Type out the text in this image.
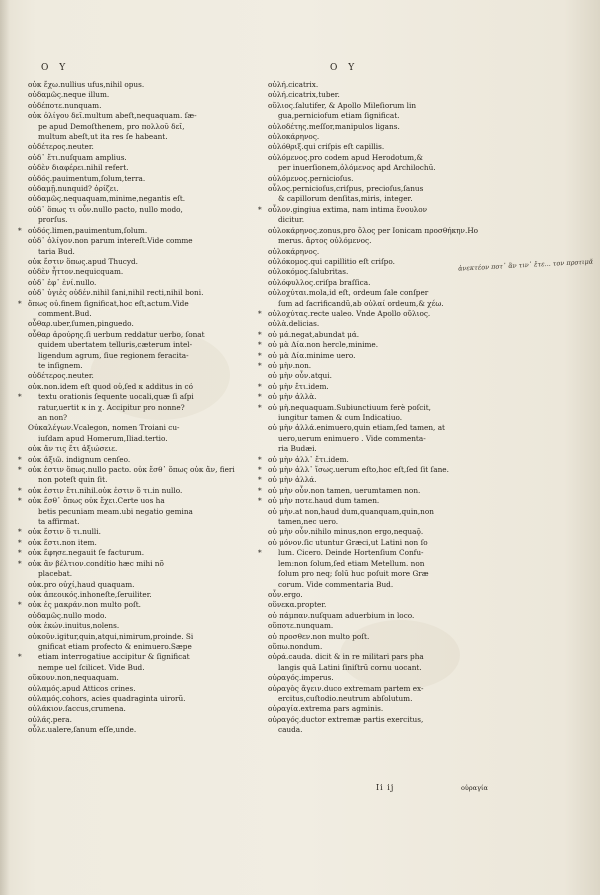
O Y	O Y
οὐκ ἔχω.nullius ufus,nihil opus.
οὐδαμῶς.neque illum.
οὐδέποτε.nunquam.
οὐκ ὀλίγου δεῖ.multum abeſt,nequaquam. ſæ-
pe apud Demoſthenem, pro πολλοῦ δεῖ,
multum abeſt,ut ita res ſe habeant.
οὐδέτερος.neuter.
οὐδ᾽ ἔτι.nuſquam amplius.
οὐδὲν διαφέρει.nihil refert.
οὐδός.pauimentum,ſolum,terra.
οὐδαμῇ.nunquid? ὁρίζει.
οὐδαμῶς.nequaquam,minime,negantis eſt.
οὐδ᾽ ὅπως τι οὖν.nullo pacto, nullo modo,
prorſus.
* οὐδός.limen,pauimentum,ſolum.
οὐδ᾽ ὀλίγον.non parum intereſt.Vide comme
taria Bud.
οὐκ ἔστιν ὅπως.apud Thucyd.
οὐδὲν ἧττον.nequicquam.
οὐδ᾽ ἐφ᾽ ἑνί.nullo.
οὐδ᾽ ὑγιὲς οὐδέν.nihil ſani,nihil recti,nihil boni.
* ὅπως οὐ.finem ſignificat,hoc eſt,actum.Vide
comment.Bud.
οὖθαρ.uber,ſumen,pinguedo.
οὖθαρ ἀρούρης.ſi uerbum reddatur uerbo, ſonat
quidem ubertatem telluris,cæterum intel-
ligendum agrum, ſiue regionem feracita-
te inſignem.
οὐδέτερος.neuter.
οὐκ.non.idem eſt quod οὐ,ſed κ additus in có
* textu orationis ſequente uocali,quæ ſi aſpi
ratur,uertit κ in χ. Accipitur pro nonne?
an non?
Οὐκαλέγων.Vcalegon, nomen Troiani cu-
iuſdam apud Homerum,Iliad.tertio.
οὐκ ἄν τις ἔτι ἀξιώσειε.
* οὐκ ἀξιῶ. indignum cenſeo.
* οὐκ ἐστιν ὅπως.nullo pacto. οὐκ ἔσθ᾽ ὅπως οὐκ ἄν, fieri
non poteſt quin ſit.
* οὐκ ἐστιν ἔτι.nihil.οὐκ ἐστιν ὅ τι.in nullo.
* οὐκ ἔσθ᾽ ὅπως οὐκ ἔχει.Certe uos ha
betis pecuniam meam.ubi negatio gemina
ta affirmat.
* οὐκ ἔστιν ὅ τι.nulli.
* οὐκ ἔστι.non item.
* οὐκ ἔφησε.negauit ſe facturum.
* οὐκ ἂν βέλτιον.condítio hæc mihi nõ
placebat.
οὐκ.pro οὐχί,haud quaquam.
οὐκ ἀπεοικός.inhoneſte,ſeruiliter.
* οὐκ ἐς μακράν.non multo poſt.
οὐδαμῶς.nullo modo.
οὐκ ἑκών.inuitus,nolens.
οὐκοῦν.igitur,quin,atqui,nimirum,proinde. Si
gnificat etiam profecto & enimuero.Sæpe
* etiam interrogatiue accipitur & ſignificat
nempe uel ſcilicet. Vide Bud.
οὔκουν.non,nequaquam.
οὐλαμός.apud Atticos crines.
οὐλαμός.cohors, acies quadraginta uirorũ.
οὐλάκιον.ſaccus,crumena.
οὐλάς.pera.
οὖλε.ualere,ſanum eſſe,unde.
οὐλή.cicatrix.
οὐλή.cicatrix,tuber.
οὔλιος.ſalutifer, & Apollo Mileſiorum lin
gua,perniciofum etiam ſignificat.
οὐλοδέτης.meſſor,manipulos ligans.
οὐλοκάρηνος.
οὐλόθριξ.qui criſpis eſt capillis.
οὐλόμενος.pro codem apud Herodotum,&
per inuerſionem,ὀλόμενος apd Archilochū.
οὐλόμενος.pernicioſus.
οὖλος.pernicioſus,criſpus, precioſus,ſanus
& capillorum denſitas,miris, integer.
* οὖλον.gingiua extima, nam intima ἔνουλον
dicitur.
οὐλοκάρηνος.zonus,pro ὅλος per Ionicam προσθήκην.Ho
merus. ἄρτος οὐλόμενος.
οὐλοκάρηνος.
οὐλόκομος.qui capillitio eſt criſpo.
οὐλοκόμος.ſalubritas.
οὐλόφυλλος.criſpa braſſica.
οὐλοχύται.mola,id eſt, ordeum ſale conſper
ſum ad ſacrificandũ,ab οὐλαί ordeum,& χέω.
* οὐλοχύτας.recte ualeo. Vnde Apollo οὔλιος.
οὐλὰ.delicias.
* οὐ μά.negat,abundat μά.
* οὐ μὰ Δία.non hercle,minime.
* οὐ μὰ Δία.minime uero.
* οὐ μὴν.non.
οὐ μὴν οὖν.atqui.
* οὐ μὴν ἔτι.idem.
* οὐ μὴν ἀλλὰ.
* οὐ μὴ.nequaquam.Subiunctiuum ferè poſcit,
iungitur tamen & cum Indicatiuo.
οὐ μὴν ἀλλά.enimuero,quin etiam,ſed tamen, at
uero,uerum enimuero . Vide commenta-
ria Budæi.
* οὐ μὴν ἀλλ᾽ ἔτι.idem.
* οὐ μὴν ἀλλ᾽ ἴσως.uerum eſto,hoc eſt,ſed ſit ſane.
* οὐ μὴν ἀλλά.
* οὐ μὴν οὖν.non tamen, uerumtamen non.
* οὐ μὴν ποτε.haud dum tamen.
οὐ μὴν.at non,haud dum,quanquam,quin,non
tamen,nec uero.
οὐ μὴν οὖν.nihilo minus,non ergo,nequaǭ.
οὐ μόνον.ſic utuntur Græci,ut Latini non ſo
* lum. Cicero. Deinde Hortenſium Confu-
lem:non ſolum,ſed etiam Metellum. non
ſolum pro neq; ſolū huc poſuit more Græ
corum. Vide commentaria Bud.
οὖν.ergo.
οὕνεκα.propter.
οὐ πάμπαν.nuſquam aduerbium in loco.
οὔποτε.nunquam.
οὐ προσθεν.non multo poſt.
οὔπω.nondum.
οὐρά.cauda. dicit & in re militari pars pha
langis quā Latini ſiniſtrū cornu uocant.
οὐραγός.imperus.
οὐραγὸς ἄγειν.duco extremam partem ex-
ercitus,cuſtodio.neutrum abſolutum.
οὐραγία.extrema pars agminis.
οὐραγός.ductor extremæ partis exercitus,
cauda.
ἀνεκτέον ποτ᾽ ἂν τιν᾽ ἔτε... τον προτιμᾶ
Ii ij	οὐραγία
